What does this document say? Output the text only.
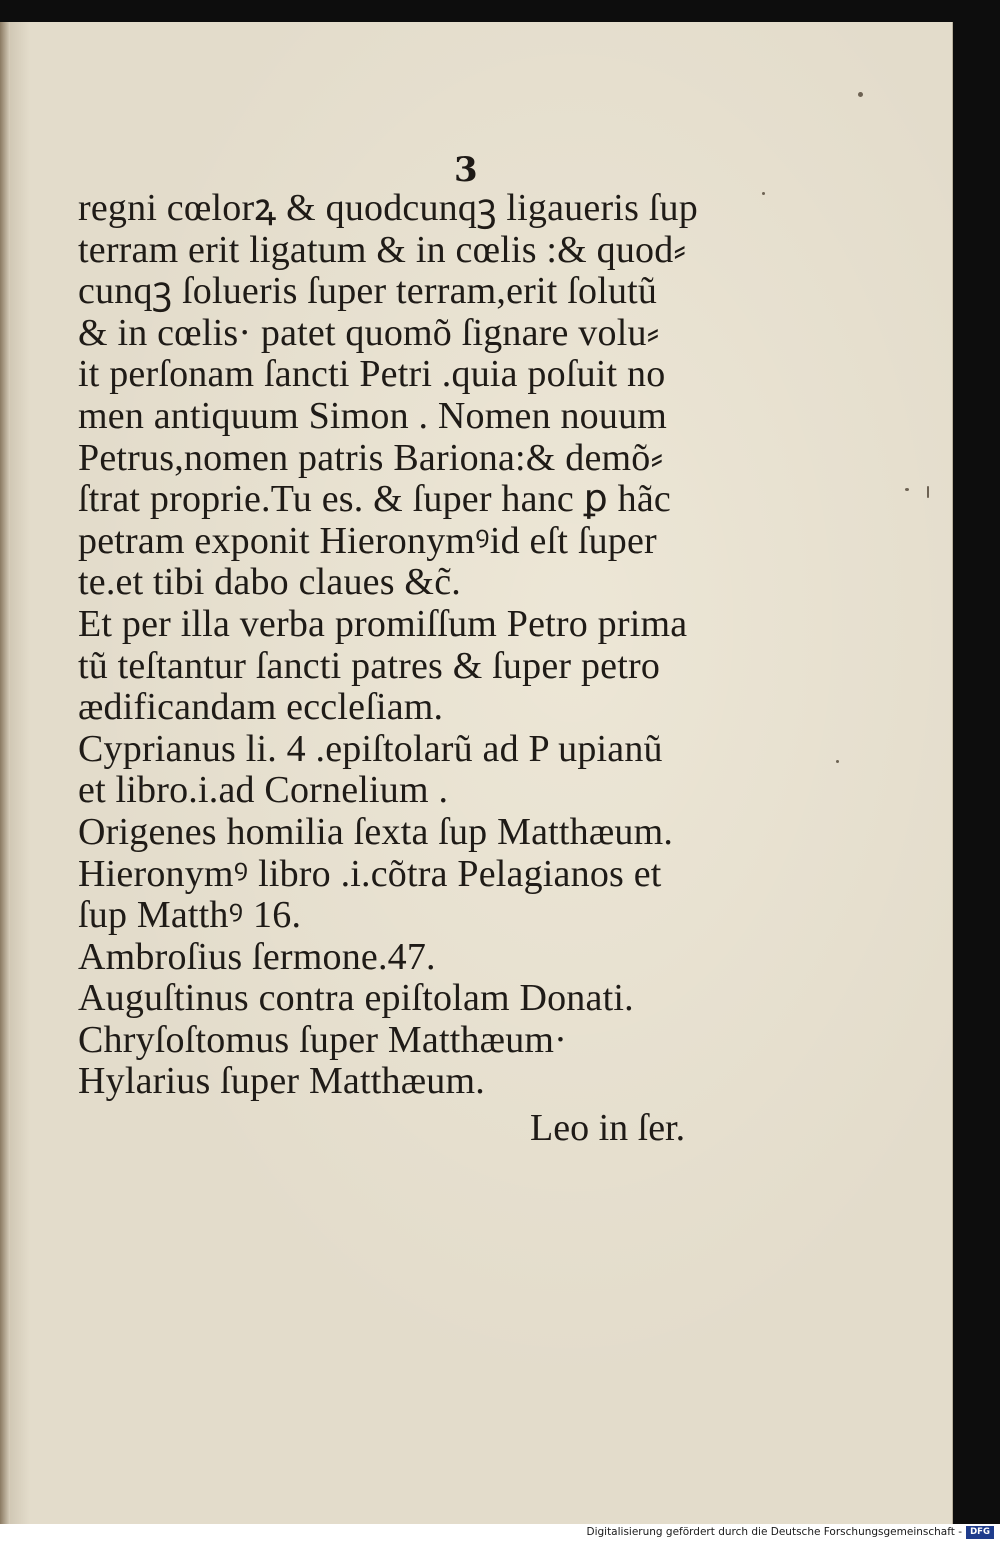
3
regni cœlorꝝ & quodcunqꝫ ligaueris ſup
terram erit ligatum & in cœlis :& quod⸗
cunqꝫ ſolueris ſuper terram,erit ſolutũ
& in cœlis· patet quomõ ſignare volu⸗
it perſonam ſancti Petri .quia poſuit no
men antiquum Simon . Nomen nouum
Petrus,nomen patris Bariona:& demõ⸗
ſtrat proprie.Tu es. & ſuper hanc ꝑ hãc
petram exponit Hieronymꝰid eſt ſuper
te.et tibi dabo claues &c̃.
Et per illa verba promiſſum Petro prima
tũ teſtantur ſancti patres & ſuper petro
ædificandam eccleſiam.
Cyprianus li. 4 .epiſtolarũ ad P upianũ
et libro.i.ad Cornelium .
Origenes homilia ſexta ſup Matthæum.
Hieronymꝰ libro .i.cõtra Pelagianos et
ſup Matthꝰ 16.
Ambroſius ſermone.47.
Auguſtinus contra epiſtolam Donati.
Chryſoſtomus ſuper Matthæum·
Hylarius ſuper Matthæum.
Leo in ſer.
Digitalisierung gefördert durch die Deutsche Forschungsgemeinschaft - DFG
